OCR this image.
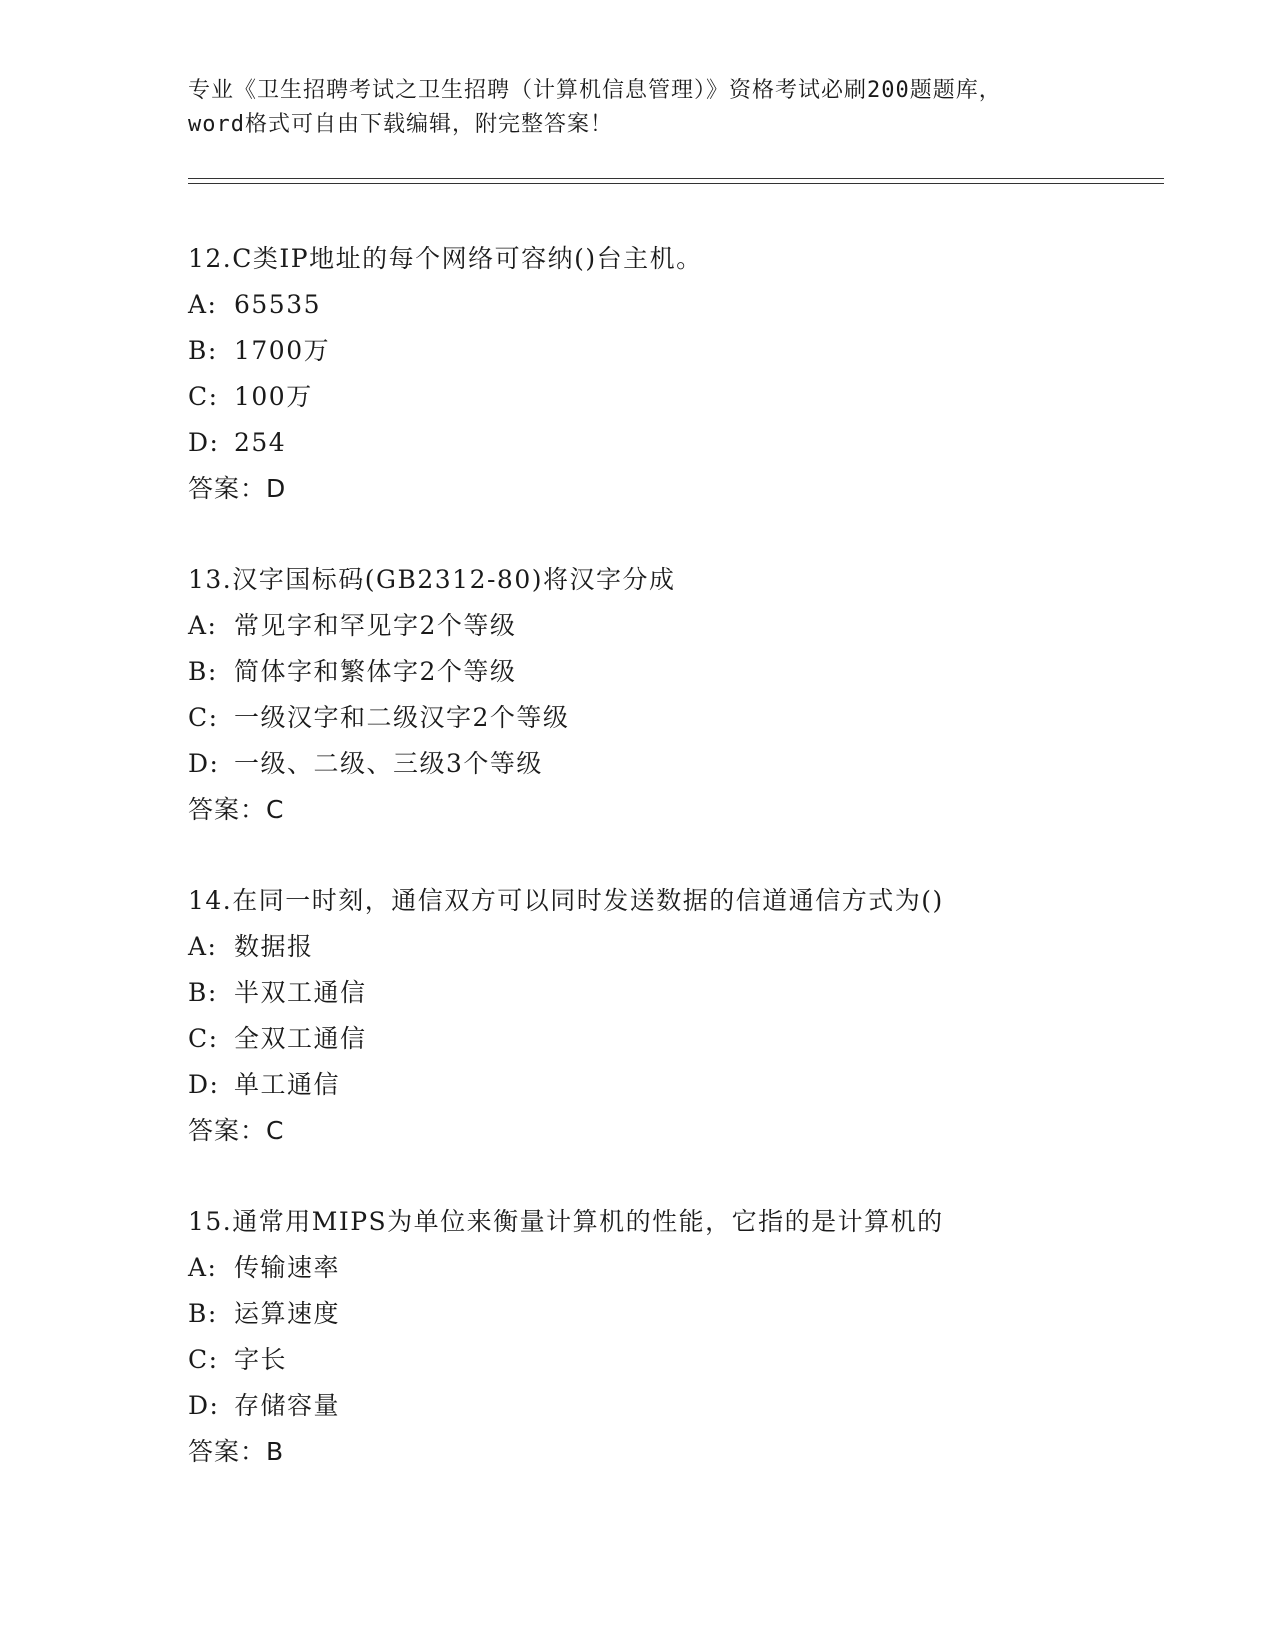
专业《卫生招聘考试之卫生招聘（计算机信息管理）》资格考试必刷200题题库，
word格式可自由下载编辑，附完整答案！
12.C类IP地址的每个网络可容纳()台主机。
A: 65535
B: 1700万
C: 100万
D: 254
答案：D
13.汉字国标码(GB2312-80)将汉字分成
A: 常见字和罕见字2个等级
B: 简体字和繁体字2个等级
C: 一级汉字和二级汉字2个等级
D: 一级、二级、三级3个等级
答案：C
14.在同一时刻，通信双方可以同时发送数据的信道通信方式为()
A: 数据报
B: 半双工通信
C: 全双工通信
D: 单工通信
答案：C
15.通常用MIPS为单位来衡量计算机的性能，它指的是计算机的
A: 传输速率
B: 运算速度
C: 字长
D: 存储容量
答案：B
